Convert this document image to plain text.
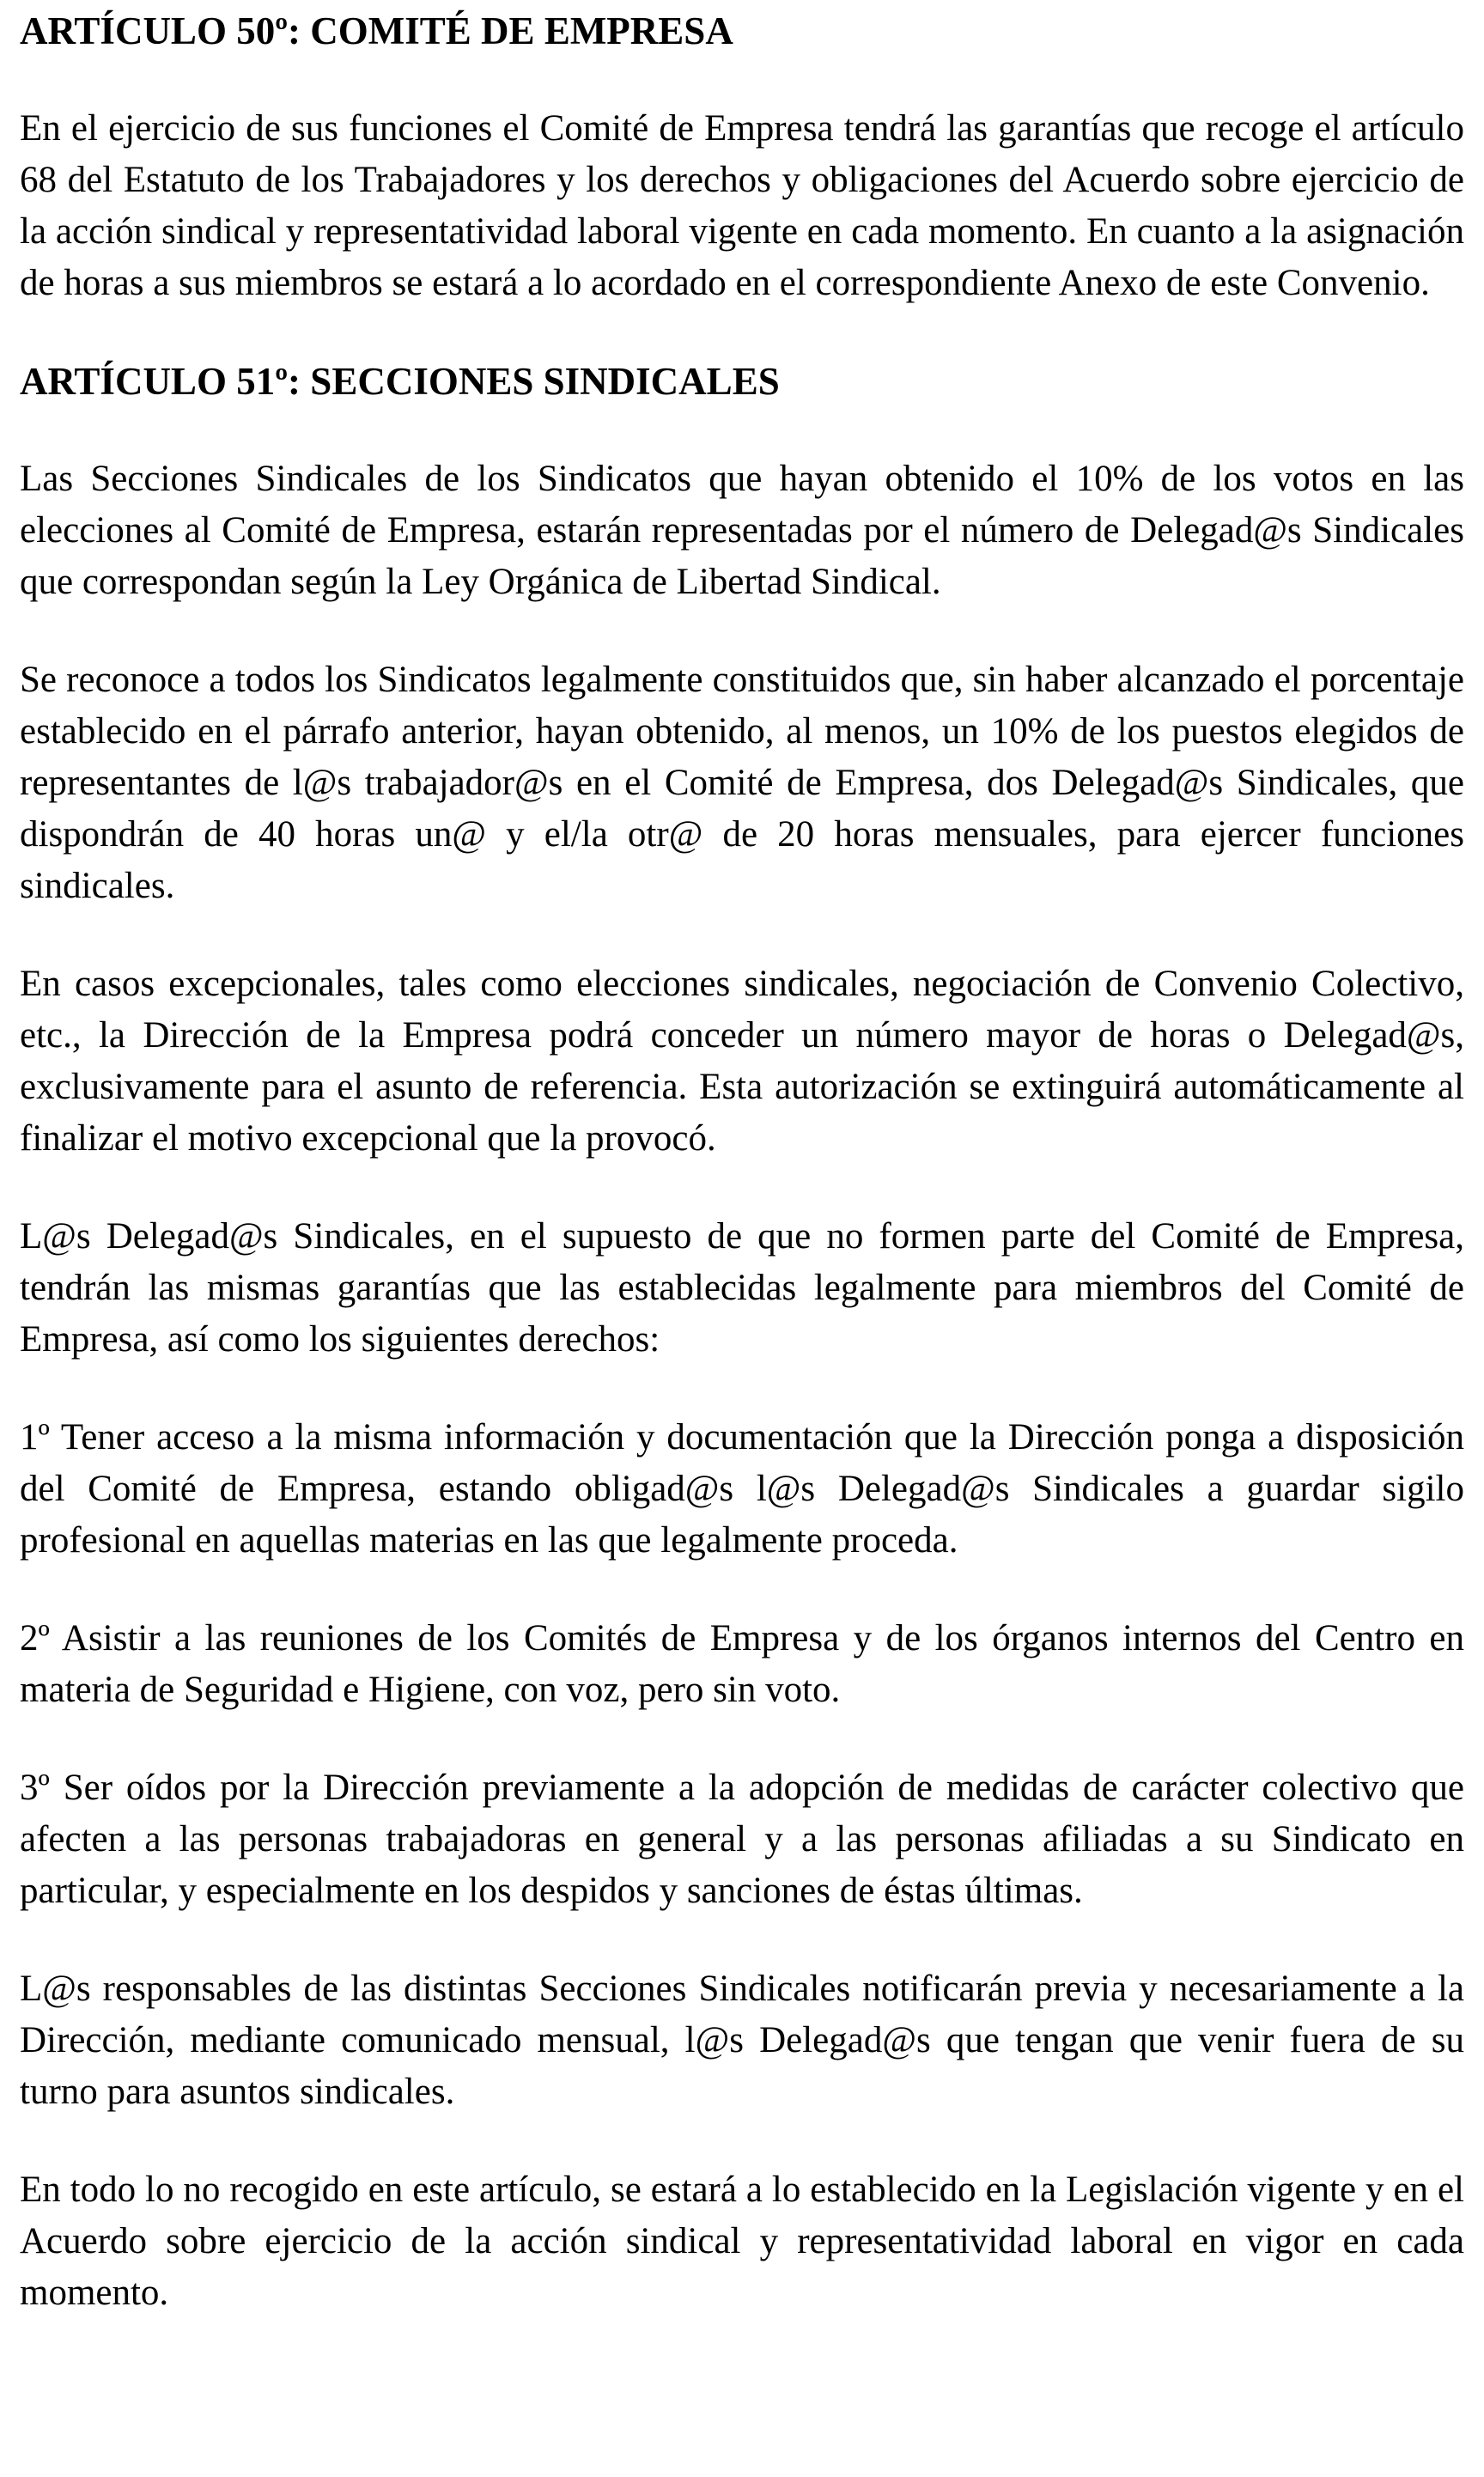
ARTÍCULO 50º: COMITÉ DE EMPRESA

En el ejercicio de sus funciones el Comité de Empresa tendrá las garantías que recoge el artículo 68 del Estatuto de los Trabajadores y los derechos y obligaciones del Acuerdo sobre ejercicio de la acción sindical y representatividad laboral vigente en cada momento. En cuanto a la asignación de horas a sus miembros se estará a lo acordado en el correspondiente Anexo de este Convenio.

ARTÍCULO 51º: SECCIONES SINDICALES

Las Secciones Sindicales de los Sindicatos que hayan obtenido el 10% de los votos en las elecciones al Comité de Empresa, estarán representadas por el número de Delegad@s Sindicales que correspondan según la Ley Orgánica de Libertad Sindical.

Se reconoce a todos los Sindicatos legalmente constituidos que, sin haber alcanzado el porcentaje establecido en el párrafo anterior, hayan obtenido, al menos, un 10% de los puestos elegidos de representantes de l@s trabajador@s en el Comité de Empresa, dos Delegad@s Sindicales, que dispondrán de 40 horas un@ y el/la otr@ de 20 horas mensuales, para ejercer funciones sindicales.

En casos excepcionales, tales como elecciones sindicales, negociación de Convenio Colectivo, etc., la Dirección de la Empresa podrá conceder un número mayor de horas o Delegad@s, exclusivamente para el asunto de referencia. Esta autorización se extinguirá automáticamente al finalizar el motivo excepcional que la provocó.

L@s Delegad@s Sindicales, en el supuesto de que no formen parte del Comité de Empresa, tendrán las mismas garantías que las establecidas legalmente para miembros del Comité de Empresa, así como los siguientes derechos:

1º Tener acceso a la misma información y documentación que la Dirección ponga a disposición del Comité de Empresa, estando obligad@s l@s Delegad@s Sindicales a guardar sigilo profesional en aquellas materias en las que legalmente proceda.

2º Asistir a las reuniones de los Comités de Empresa y de los órganos internos del Centro en materia de Seguridad e Higiene, con voz, pero sin voto.

3º Ser oídos por la Dirección previamente a la adopción de medidas de carácter colectivo que afecten a las personas trabajadoras en general y a las personas afiliadas a su Sindicato en particular, y especialmente en los despidos y sanciones de éstas últimas.

L@s responsables de las distintas Secciones Sindicales notificarán previa y necesariamente a la Dirección, mediante comunicado mensual, l@s Delegad@s que tengan que venir fuera de su turno para asuntos sindicales.

En todo lo no recogido en este artículo, se estará a lo establecido en la Legislación vigente y en el Acuerdo sobre ejercicio de la acción sindical y representatividad laboral en vigor en cada momento.
